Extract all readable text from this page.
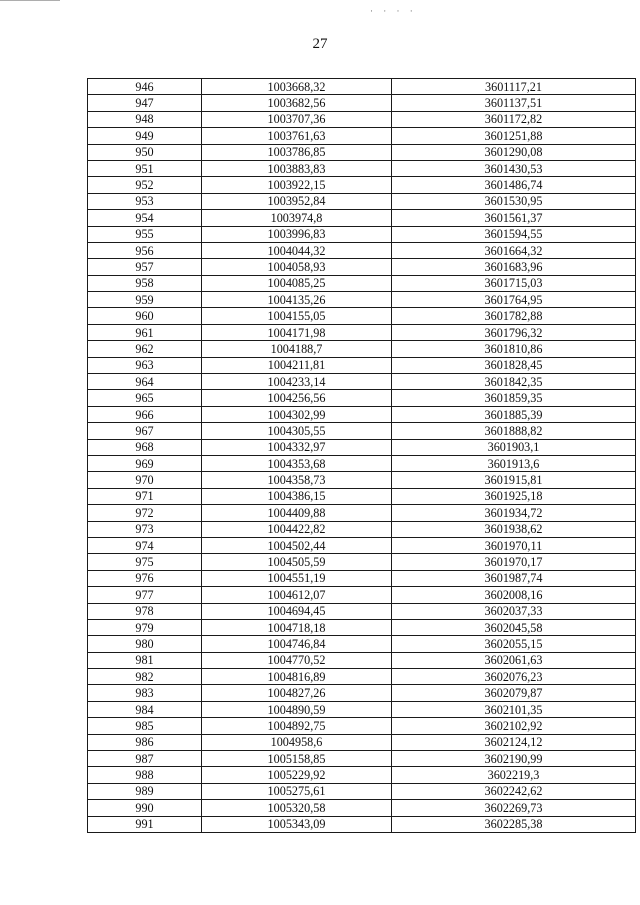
· · · ·
27
946	1003668,32	3601117,21
947	1003682,56	3601137,51
948	1003707,36	3601172,82
949	1003761,63	3601251,88
950	1003786,85	3601290,08
951	1003883,83	3601430,53
952	1003922,15	3601486,74
953	1003952,84	3601530,95
954	1003974,8	3601561,37
955	1003996,83	3601594,55
956	1004044,32	3601664,32
957	1004058,93	3601683,96
958	1004085,25	3601715,03
959	1004135,26	3601764,95
960	1004155,05	3601782,88
961	1004171,98	3601796,32
962	1004188,7	3601810,86
963	1004211,81	3601828,45
964	1004233,14	3601842,35
965	1004256,56	3601859,35
966	1004302,99	3601885,39
967	1004305,55	3601888,82
968	1004332,97	3601903,1
969	1004353,68	3601913,6
970	1004358,73	3601915,81
971	1004386,15	3601925,18
972	1004409,88	3601934,72
973	1004422,82	3601938,62
974	1004502,44	3601970,11
975	1004505,59	3601970,17
976	1004551,19	3601987,74
977	1004612,07	3602008,16
978	1004694,45	3602037,33
979	1004718,18	3602045,58
980	1004746,84	3602055,15
981	1004770,52	3602061,63
982	1004816,89	3602076,23
983	1004827,26	3602079,87
984	1004890,59	3602101,35
985	1004892,75	3602102,92
986	1004958,6	3602124,12
987	1005158,85	3602190,99
988	1005229,92	3602219,3
989	1005275,61	3602242,62
990	1005320,58	3602269,73
991	1005343,09	3602285,38
